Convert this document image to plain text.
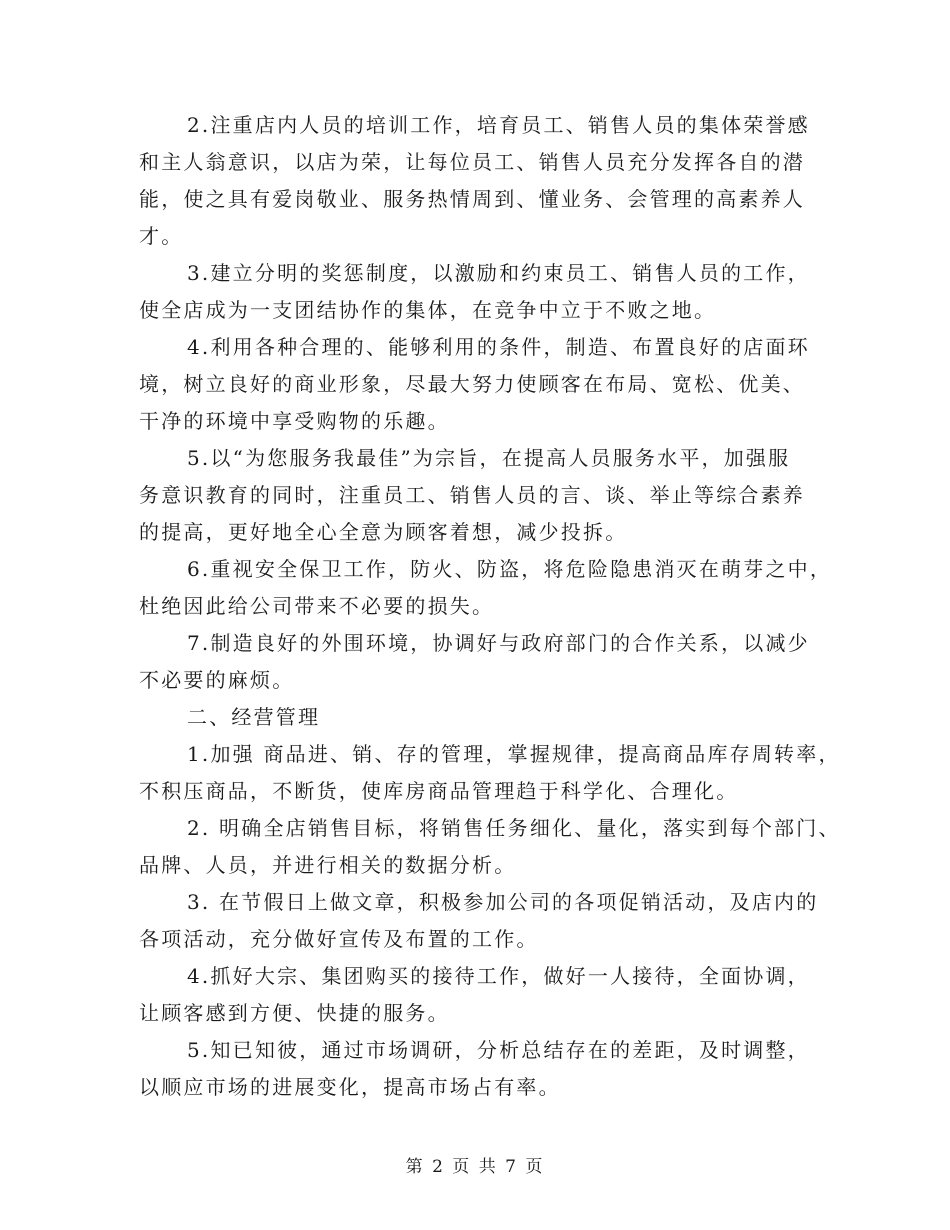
2.注重店内人员的培训工作，培育员工、销售人员的集体荣誉感
和主人翁意识，以店为荣，让每位员工、销售人员充分发挥各自的潜
能，使之具有爱岗敬业、服务热情周到、懂业务、会管理的高素养人
才。

3.建立分明的奖惩制度，以激励和约束员工、销售人员的工作，
使全店成为一支团结协作的集体，在竞争中立于不败之地。

4.利用各种合理的、能够利用的条件，制造、布置良好的店面环
境，树立良好的商业形象，尽最大努力使顾客在布局、宽松、优美、
干净的环境中享受购物的乐趣。

5.以“为您服务我最佳”为宗旨，在提高人员服务水平，加强服
务意识教育的同时，注重员工、销售人员的言、谈、举止等综合素养
的提高，更好地全心全意为顾客着想，减少投拆。

6.重视安全保卫工作，防火、防盗，将危险隐患消灭在萌芽之中，
杜绝因此给公司带来不必要的损失。

7.制造良好的外围环境，协调好与政府部门的合作关系，以减少
不必要的麻烦。

二、经营管理

1.加强 商品进、销、存的管理，掌握规律，提高商品库存周转率，
不积压商品，不断货，使库房商品管理趋于科学化、合理化。

2. 明确全店销售目标，将销售任务细化、量化，落实到每个部门、
品牌、人员，并进行相关的数据分析。

3. 在节假日上做文章，积极参加公司的各项促销活动，及店内的
各项活动，充分做好宣传及布置的工作。

4.抓好大宗、集团购买的接待工作，做好一人接待，全面协调，
让顾客感到方便、快捷的服务。

5.知已知彼，通过市场调研，分析总结存在的差距，及时调整，
以顺应市场的进展变化，提高市场占有率。

第 2 页 共 7 页
